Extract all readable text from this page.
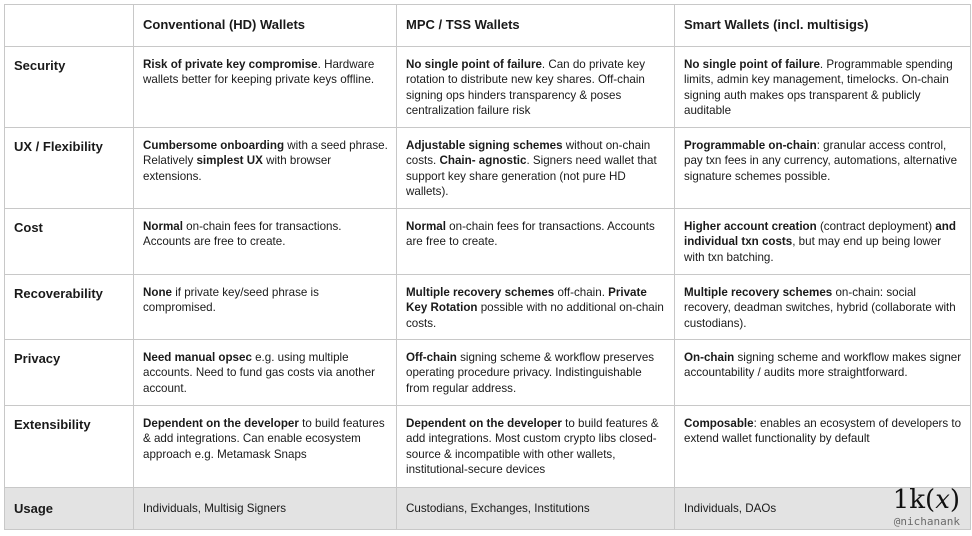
	Conventional (HD) Wallets	MPC / TSS Wallets	Smart Wallets (incl. multisigs)
Security	Risk of private key compromise. Hardware wallets better for keeping private keys offline.	No single point of failure. Can do private key rotation to distribute new key shares. Off-chain signing ops hinders transparency & poses centralization failure risk	No single point of failure. Programmable spending limits, admin key management, timelocks. On-chain signing auth makes ops transparent & publicly auditable
UX / Flexibility	Cumbersome onboarding with a seed phrase. Relatively simplest UX with browser extensions.	Adjustable signing schemes without on-chain costs. Chain- agnostic. Signers need wallet that support key share generation (not pure HD wallets).	Programmable on-chain: granular access control, pay txn fees in any currency, automations, alternative signature schemes possible.
Cost	Normal on-chain fees for transactions. Accounts are free to create.	Normal on-chain fees for transactions. Accounts are free to create.	Higher account creation (contract deployment) and individual txn costs, but may end up being lower with txn batching.
Recoverability	None if private key/seed phrase is compromised.	Multiple recovery schemes off-chain. Private Key Rotation possible with no additional on-chain costs.	Multiple recovery schemes on-chain: social recovery, deadman switches, hybrid (collaborate with custodians).
Privacy	Need manual opsec e.g. using multiple accounts. Need to fund gas costs via another account.	Off-chain signing scheme & workflow preserves operating procedure privacy. Indistinguishable from regular address.	On-chain signing scheme and workflow makes signer accountability / audits more straightforward.
Extensibility	Dependent on the developer to build features & add integrations. Can enable ecosystem approach e.g. Metamask Snaps	Dependent on the developer to build features & add integrations. Most custom crypto libs closed-source & incompatible with other wallets, institutional-secure devices	Composable: enables an ecosystem of developers to extend wallet functionality by default
Usage	Individuals, Multisig Signers	Custodians, Exchanges, Institutions	Individuals, DAOs	1k(𝑥)
@nichanank
